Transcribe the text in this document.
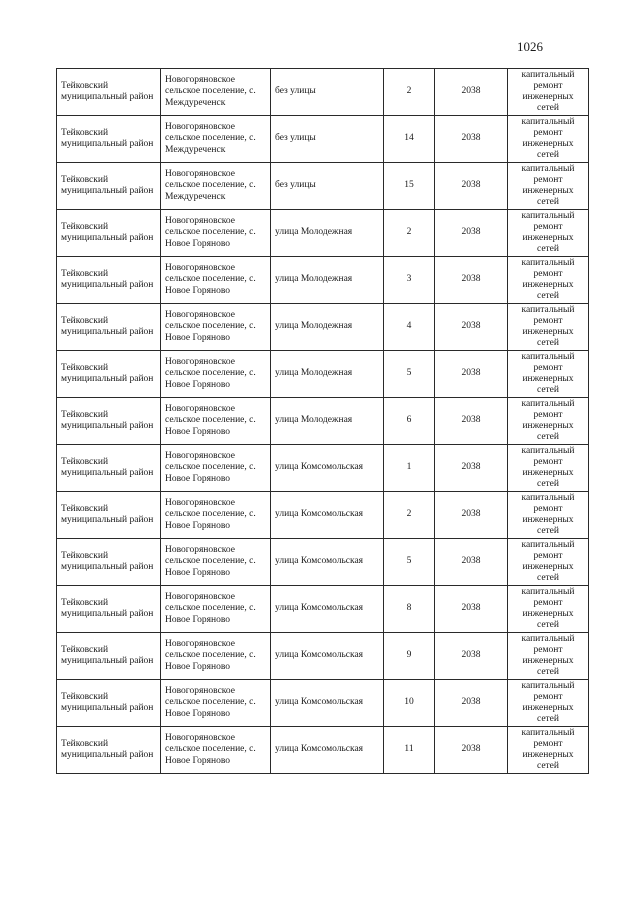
1026
Тейковский муниципальный район	Новогоряновское сельское поселение, с. Междуреченск	без улицы	2	2038	капитальный ремонт инженерных сетей
Тейковский муниципальный район	Новогоряновское сельское поселение, с. Междуреченск	без улицы	14	2038	капитальный ремонт инженерных сетей
Тейковский муниципальный район	Новогоряновское сельское поселение, с. Междуреченск	без улицы	15	2038	капитальный ремонт инженерных сетей
Тейковский муниципальный район	Новогоряновское сельское поселение, с. Новое Горяново	улица Молодежная	2	2038	капитальный ремонт инженерных сетей
Тейковский муниципальный район	Новогоряновское сельское поселение, с. Новое Горяново	улица Молодежная	3	2038	капитальный ремонт инженерных сетей
Тейковский муниципальный район	Новогоряновское сельское поселение, с. Новое Горяново	улица Молодежная	4	2038	капитальный ремонт инженерных сетей
Тейковский муниципальный район	Новогоряновское сельское поселение, с. Новое Горяново	улица Молодежная	5	2038	капитальный ремонт инженерных сетей
Тейковский муниципальный район	Новогоряновское сельское поселение, с. Новое Горяново	улица Молодежная	6	2038	капитальный ремонт инженерных сетей
Тейковский муниципальный район	Новогоряновское сельское поселение, с. Новое Горяново	улица Комсомольская	1	2038	капитальный ремонт инженерных сетей
Тейковский муниципальный район	Новогоряновское сельское поселение, с. Новое Горяново	улица Комсомольская	2	2038	капитальный ремонт инженерных сетей
Тейковский муниципальный район	Новогоряновское сельское поселение, с. Новое Горяново	улица Комсомольская	5	2038	капитальный ремонт инженерных сетей
Тейковский муниципальный район	Новогоряновское сельское поселение, с. Новое Горяново	улица Комсомольская	8	2038	капитальный ремонт инженерных сетей
Тейковский муниципальный район	Новогоряновское сельское поселение, с. Новое Горяново	улица Комсомольская	9	2038	капитальный ремонт инженерных сетей
Тейковский муниципальный район	Новогоряновское сельское поселение, с. Новое Горяново	улица Комсомольская	10	2038	капитальный ремонт инженерных сетей
Тейковский муниципальный район	Новогоряновское сельское поселение, с. Новое Горяново	улица Комсомольская	11	2038	капитальный ремонт инженерных сетей
